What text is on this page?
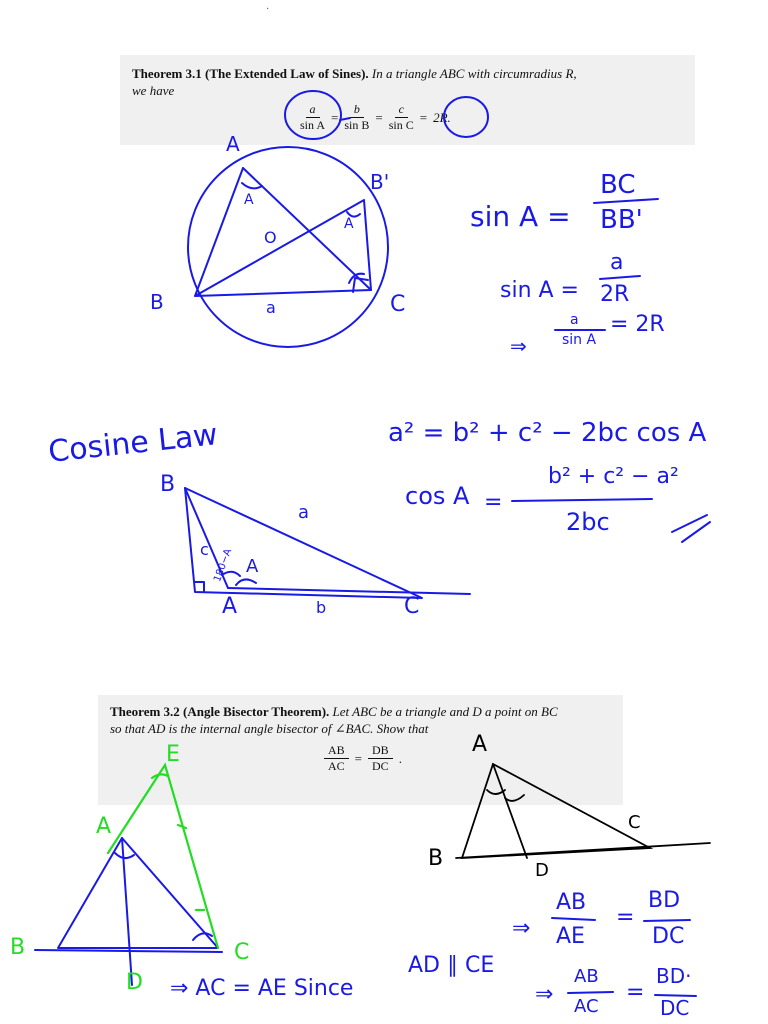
·

Theorem 3.1 (The Extended Law of Sines). In a triangle ABC with circumradius R,

we have

$\frac{a}{\text{sin A}} = \frac{b}{\text{sin B}} = \frac{c}{\text{sin C}} = 2R$.

Theorem 3.2 (Angle Bisector Theorem). Let ABC be a triangle and D a point on BC

so that AD is the internal angle bisector of ∠BAC. Show that

$\frac{AB}{AC} = \frac{DB}{DC}$ .
A
B	C
B'
O
a
A
A	sin A =
BC
BB'
sin A =
a
2R
⇒
a
sin A
= 2R
Cosine Law	a² = b² + c² − 2bc cos A
cos A =
b² + c² − a²
2bc
B
A
A
C
a
b
c 180−A
A
E
B	C
D
A
B
C
D
⇒
AB
AE
=
BD
DC
AD ∥ CE
⇒ AC = AE Since	⇒
AB
AC
=
BD·
DC
